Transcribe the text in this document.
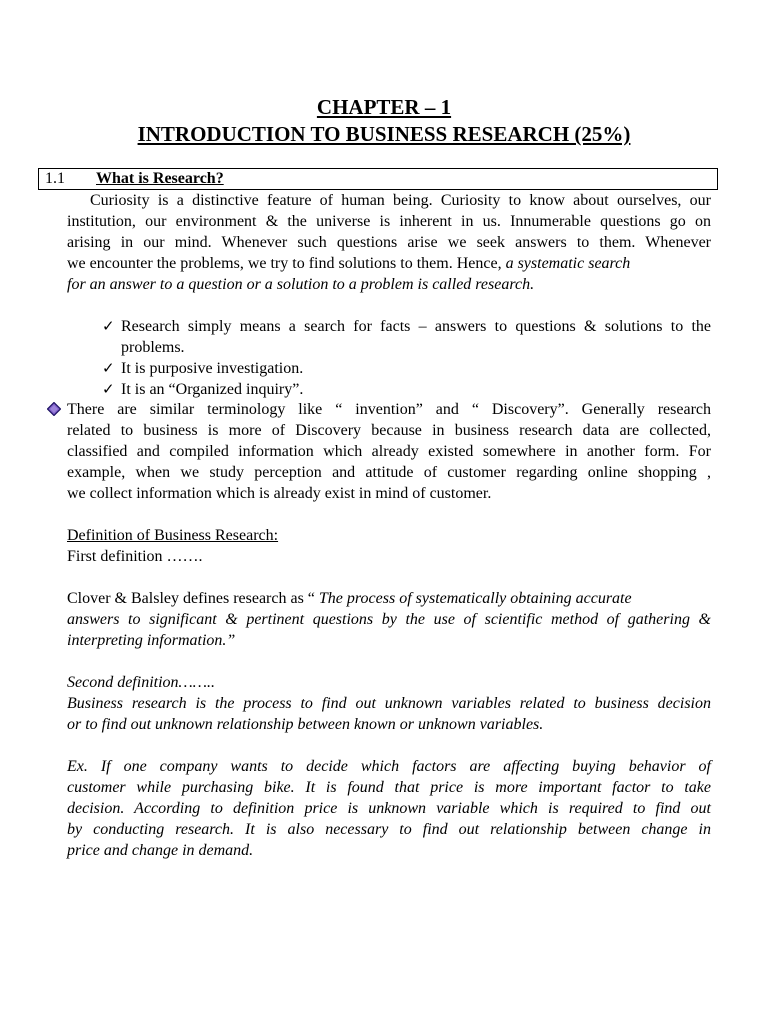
CHAPTER – 1
INTRODUCTION TO BUSINESS RESEARCH (25%)
1.1 What is Research?
Curiosity is a distinctive feature of human being. Curiosity to know about ourselves, our
institution, our environment & the universe is inherent in us. Innumerable questions go on
arising in our mind. Whenever such questions arise we seek answers to them. Whenever
we encounter the problems, we try to find solutions to them. Hence, a systematic search
for an answer to a question or a solution to a problem is called research.
✓ Research simply means a search for facts – answers to questions & solutions to the
problems.
✓ It is purposive investigation.
✓ It is an “Organized inquiry”.
There are similar terminology like “ invention” and “ Discovery”. Generally research
related to business is more of Discovery because in business research data are collected,
classified and compiled information which already existed somewhere in another form. For
example, when we study perception and attitude of customer regarding online shopping ,
we collect information which is already exist in mind of customer.
Definition of Business Research:
First definition …….
Clover & Balsley defines research as “ The process of systematically obtaining accurate
answers to significant & pertinent questions by the use of scientific method of gathering &
interpreting information.”
Second definition……..
Business research is the process to find out unknown variables related to business decision
or to find out unknown relationship between known or unknown variables.
Ex. If one company wants to decide which factors are affecting buying behavior of
customer while purchasing bike. It is found that price is more important factor to take
decision. According to definition price is unknown variable which is required to find out
by conducting research. It is also necessary to find out relationship between change in
price and change in demand.
